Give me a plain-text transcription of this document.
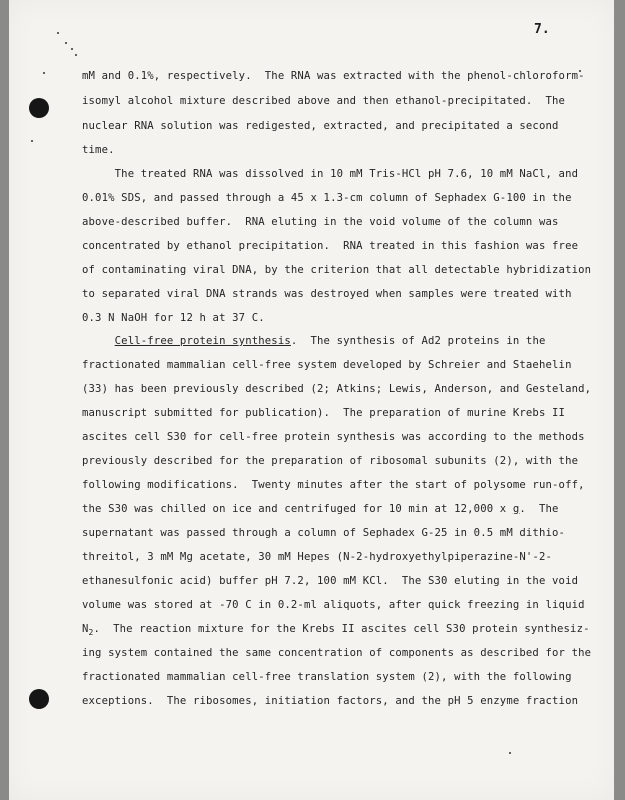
7.
mM and 0.1%, respectively.  The RNA was extracted with the phenol-chloroform-
isomyl alcohol mixture described above and then ethanol-precipitated.  The
nuclear RNA solution was redigested, extracted, and precipitated a second
time.
The treated RNA was dissolved in 10 mM Tris-HCl pH 7.6, 10 mM NaCl, and
0.01% SDS, and passed through a 45 x 1.3-cm column of Sephadex G-100 in the
above-described buffer.  RNA eluting in the void volume of the column was
concentrated by ethanol precipitation.  RNA treated in this fashion was free
of contaminating viral DNA, by the criterion that all detectable hybridization
to separated viral DNA strands was destroyed when samples were treated with
0.3 N NaOH for 12 h at 37 C.
Cell-free protein synthesis.  The synthesis of Ad2 proteins in the
fractionated mammalian cell-free system developed by Schreier and Staehelin
(33) has been previously described (2; Atkins; Lewis, Anderson, and Gesteland,
manuscript submitted for publication).  The preparation of murine Krebs II
ascites cell S30 for cell-free protein synthesis was according to the methods
previously described for the preparation of ribosomal subunits (2), with the
following modifications.  Twenty minutes after the start of polysome run-off,
the S30 was chilled on ice and centrifuged for 10 min at 12,000 x g.  The
supernatant was passed through a column of Sephadex G-25 in 0.5 mM dithio-
threitol, 3 mM Mg acetate, 30 mM Hepes (N-2-hydroxyethylpiperazine-N'-2-
ethanesulfonic acid) buffer pH 7.2, 100 mM KCl.  The S30 eluting in the void
volume was stored at -70 C in 0.2-ml aliquots, after quick freezing in liquid
$N_2$.  The reaction mixture for the Krebs II ascites cell S30 protein synthesiz-
ing system contained the same concentration of components as described for the
fractionated mammalian cell-free translation system (2), with the following
exceptions.  The ribosomes, initiation factors, and the pH 5 enzyme fraction
